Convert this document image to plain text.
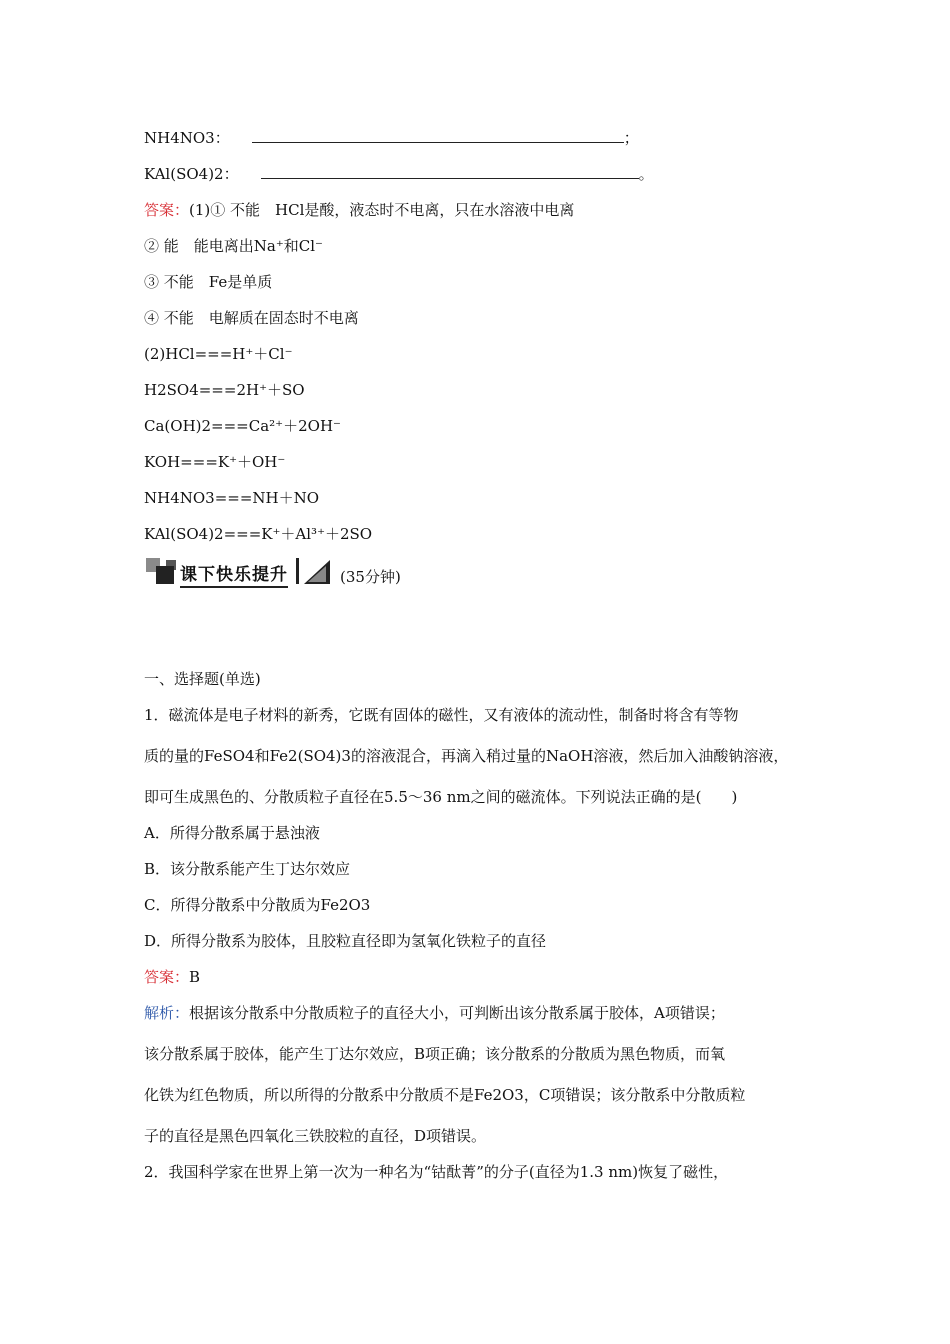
NH4NO3：	；
KAl(SO4)2：	。
答案：(1)① 不能　HCl是酸，液态时不电离，只在水溶液中电离
② 能　能电离出Na⁺和Cl⁻
③ 不能　Fe是单质
④ 不能　电解质在固态时不电离
(2)HCl===H⁺＋Cl⁻
H2SO4===2H⁺＋SO
Ca(OH)2===Ca²⁺＋2OH⁻
KOH===K⁺＋OH⁻
NH4NO3===NH＋NO
KAl(SO4)2===K⁺＋Al³⁺＋2SO
课下快乐提升	(35分钟)
一、选择题(单选)
1．磁流体是电子材料的新秀，它既有固体的磁性，又有液体的流动性，制备时将含有等物
质的量的FeSO4和Fe2(SO4)3的溶液混合，再滴入稍过量的NaOH溶液，然后加入油酸钠溶液，
即可生成黑色的、分散质粒子直径在5.5～36 nm之间的磁流体。下列说法正确的是(　　)
A．所得分散系属于悬浊液
B．该分散系能产生丁达尔效应
C．所得分散系中分散质为Fe2O3
D．所得分散系为胶体，且胶粒直径即为氢氧化铁粒子的直径
答案：B
解析：根据该分散系中分散质粒子的直径大小，可判断出该分散系属于胶体，A项错误；
该分散系属于胶体，能产生丁达尔效应，B项正确；该分散系的分散质为黑色物质，而氧
化铁为红色物质，所以所得的分散系中分散质不是Fe2O3，C项错误；该分散系中分散质粒
子的直径是黑色四氧化三铁胶粒的直径，D项错误。
2．我国科学家在世界上第一次为一种名为“钴酞菁”的分子(直径为1.3 nm)恢复了磁性，
